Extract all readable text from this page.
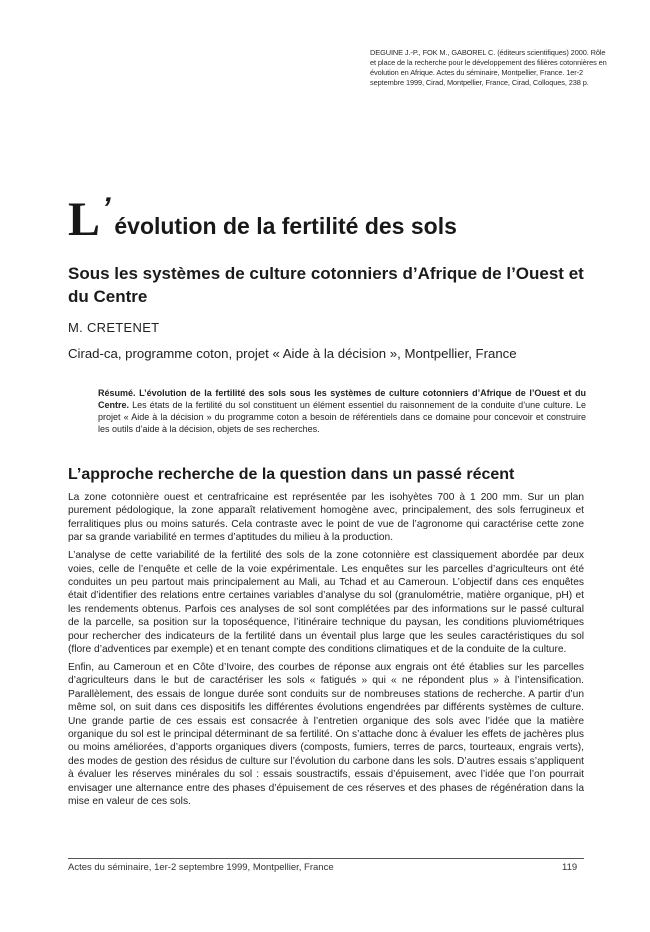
DEGUINE J.-P., FOK M., GABOREL C. (éditeurs scientifiques) 2000. Rôle et place de la recherche pour le développement des filières cotonnières en évolution en Afrique. Actes du séminaire, Montpellier, France. 1er-2 septembre 1999, Cirad, Montpellier, France, Cirad, Colloques, 238 p.
L’évolution de la fertilité des sols
Sous les systèmes de culture cotonniers d’Afrique de l’Ouest et du Centre
M. CRETENET
Cirad-ca, programme coton, projet « Aide à la décision », Montpellier, France
Résumé. L’évolution de la fertilité des sols sous les systèmes de culture cotonniers d’Afrique de l’Ouest et du Centre. Les états de la fertilité du sol constituent un élément essentiel du raisonnement de la conduite d’une culture. Le projet « Aide à la décision » du programme coton a besoin de référentiels dans ce domaine pour concevoir et construire les outils d’aide à la décision, objets de ses recherches.
L’approche recherche de la question dans un passé récent

La zone cotonnière ouest et centrafricaine est représentée par les isohyètes 700 à 1 200 mm. Sur un plan purement pédologique, la zone apparaît relativement homogène avec, principalement, des sols ferrugineux et ferralitiques plus ou moins saturés. Cela contraste avec le point de vue de l’agronome qui caractérise cette zone par sa grande variabilité en termes d’aptitudes du milieu à la production.

L’analyse de cette variabilité de la fertilité des sols de la zone cotonnière est classiquement abordée par deux voies, celle de l’enquête et celle de la voie expérimentale. Les enquêtes sur les parcelles d’agriculteurs ont été conduites un peu partout mais principalement au Mali, au Tchad et au Cameroun. L’objectif dans ces enquêtes était d’identifier des relations entre certaines variables d’analyse du sol (granulométrie, matière organique, pH) et les rendements obtenus. Parfois ces analyses de sol sont complétées par des informations sur le passé cultural de la parcelle, sa position sur la toposéquence, l’itinéraire technique du paysan, les conditions pluviométriques pour rechercher des indicateurs de la fertilité dans un éventail plus large que les seules caractéristiques du sol (flore d’adventices par exemple) et en tenant compte des conditions climatiques et de la conduite de la culture.

Enfin, au Cameroun et en Côte d’Ivoire, des courbes de réponse aux engrais ont été établies sur les parcelles d’agriculteurs dans le but de caractériser les sols « fatigués » qui « ne répondent plus » à l’intensification. Parallèlement, des essais de longue durée sont conduits sur de nombreuses stations de recherche. A partir d’un même sol, on suit dans ces dispositifs les différentes évolutions engendrées par différents systèmes de culture. Une grande partie de ces essais est consacrée à l’entretien organique des sols avec l’idée que la matière organique du sol est le principal déterminant de sa fertilité. On s’attache donc à évaluer les effets de jachères plus ou moins améliorées, d’apports organiques divers (composts, fumiers, terres de parcs, tourteaux, engrais verts), des modes de gestion des résidus de culture sur l’évolution du carbone dans les sols. D’autres essais s’appliquent à évaluer les réserves minérales du sol : essais soustractifs, essais d’épuisement, avec l’idée que l’on pourrait envisager une alternance entre des phases d’épuisement de ces réserves et des phases de régénération dans la mise en valeur de ces sols.

Actes du séminaire, 1er-2 septembre 1999, Montpellier, France	119
